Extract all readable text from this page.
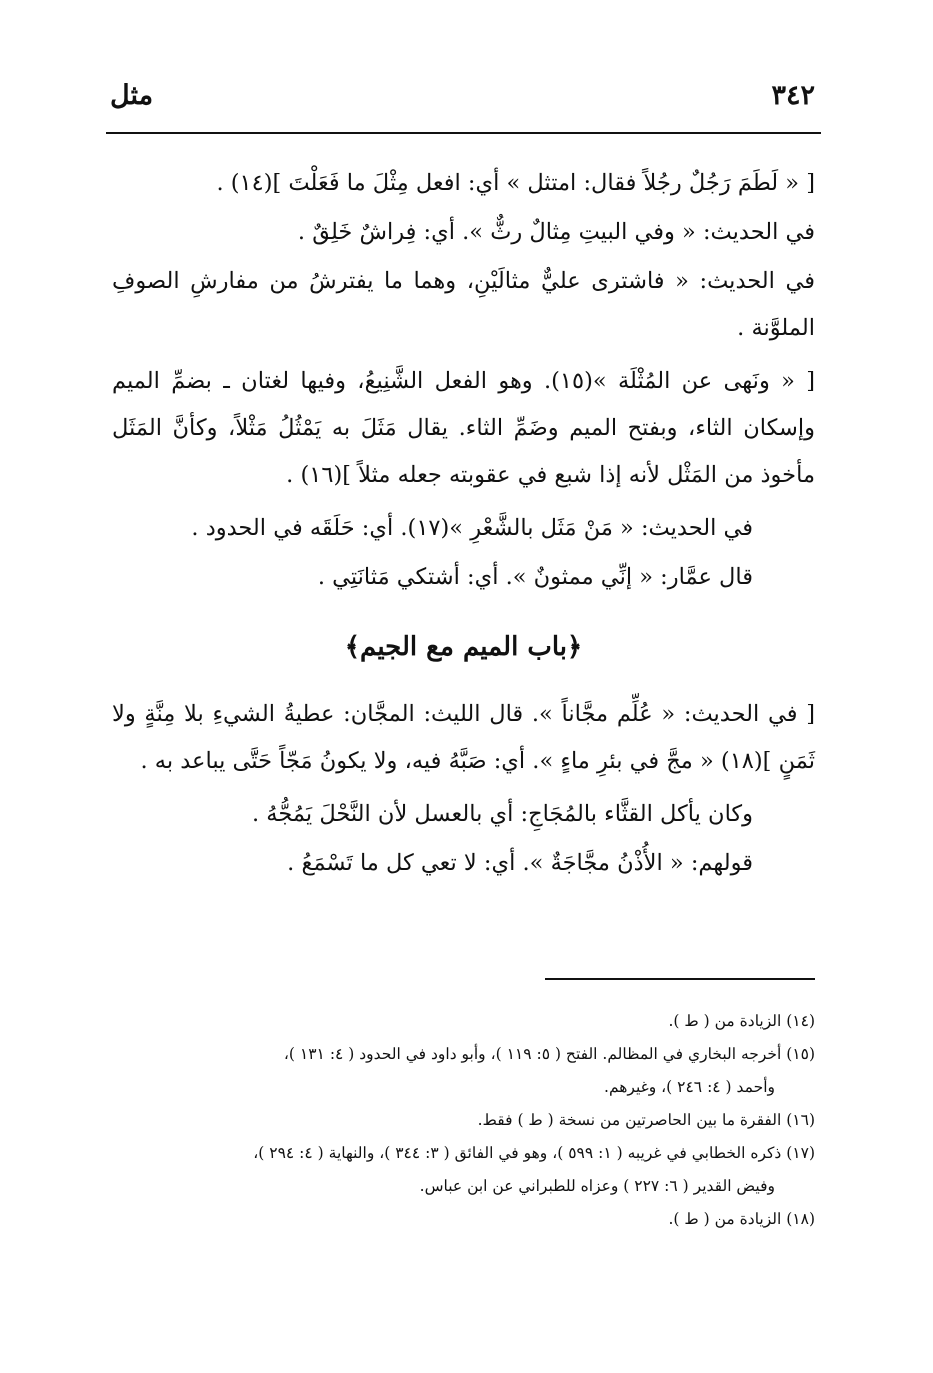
٣٤٢
مثل

[ « لَطَمَ رَجُلٌ رجُلاً فقال: امتثل » أي: افعل مِثْلَ ما فَعَلْتَ ](١٤) .

في الحديث: « وفي البيتِ مِثالٌ رثٌّ ». أي: فِراشٌ خَلِقٌ .

في الحديث: « فاشترى عليٌّ مثالَيْنِ، وهما ما يفترشُ من مفارشِ الصوفِ الملوَّنة .

[ « ونَهى عن المُثْلَة »(١٥). وهو الفعل الشَّنِيعُ، وفيها لغتان ـ بضمِّ الميم وإسكان الثاء، وبفتح الميم وضَمِّ الثاء. يقال مَثَلَ به يَمْثُلُ مَثْلاً، وكأنَّ المَثَل مأخوذ من المَثْل لأنه إذا شبع في عقوبته جعله مثلاً ](١٦) .

في الحديث: « مَنْ مَثَل بالشَّعْرِ »(١٧). أي: حَلَقَه في الحدود .

قال عمَّار: « إنِّي ممثونٌ ». أي: أشتكي مَثانَتِي .

﴿باب الميم مع الجيم﴾

[ في الحديث: « عُلِّم مجَّاناً ». قال الليث: المجَّان: عطيةُ الشيءِ بلا مِنَّةٍ ولا ثَمَنٍ ](١٨) « مجَّ في بئرِ ماءٍ ». أي: صَبَّهُ فيه، ولا يكونُ مَجّاً حَتَّى يباعد به .

وكان يأكل القثَّاء بالمُجَاجِ: أي بالعسل لأن النَّحْلَ يَمُجُّهُ .

قولهم: « الأُذْنُ مجَّاجَةٌ ». أي: لا تعي كل ما تَسْمَعُ .

(١٤) الزيادة من ( ط ).

(١٥) أخرجه البخاري في المظالم. الفتح ( ٥: ١١٩ )، وأبو داود في الحدود ( ٤: ١٣١ )،

وأحمد ( ٤: ٢٤٦ )، وغيرهم.

(١٦) الفقرة ما بين الحاصرتين من نسخة ( ط ) فقط.

(١٧) ذكره الخطابي في غريبه ( ١: ٥٩٩ )، وهو في الفائق ( ٣: ٣٤٤ )، والنهاية ( ٤: ٢٩٤ )،

وفيض القدير ( ٦: ٢٢٧ ) وعزاه للطبراني عن ابن عباس.

(١٨) الزيادة من ( ط ).
